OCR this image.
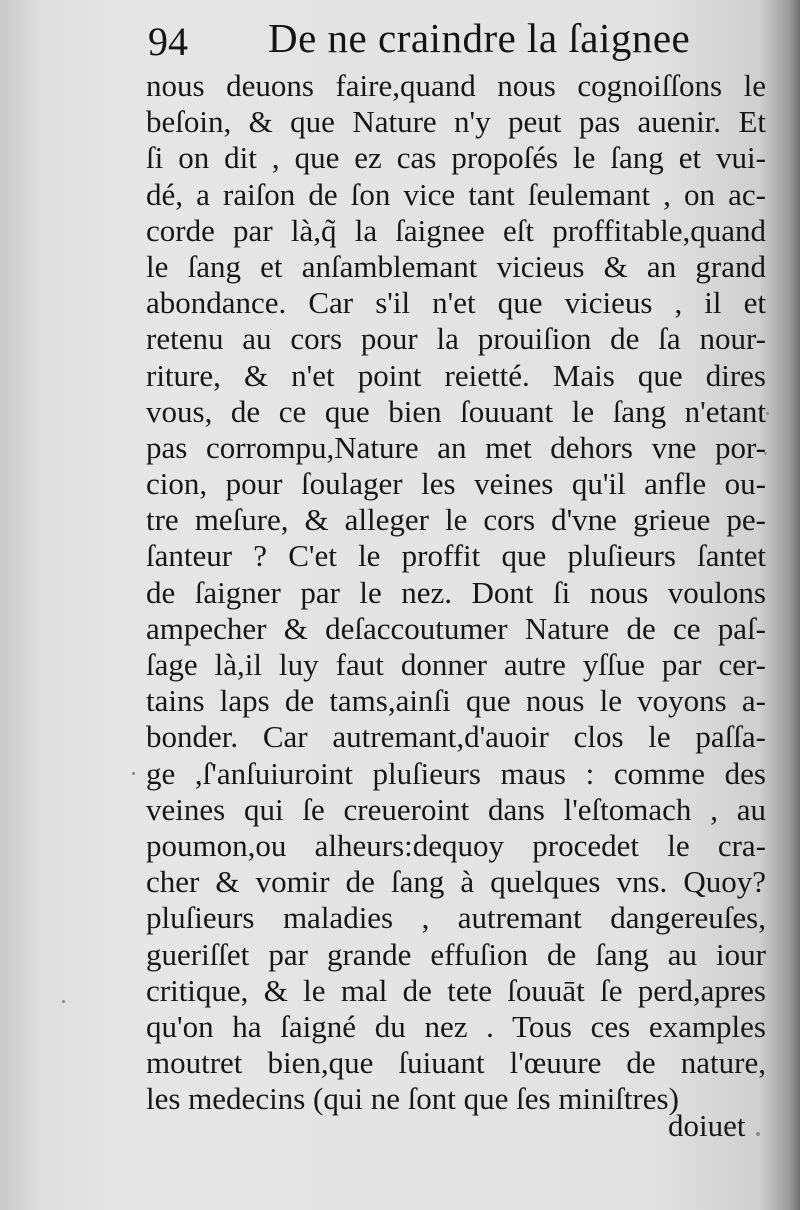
94 De ne craindre la ſaignee
nous deuons faire,quand nous cognoiſſons le
beſoin, & que Nature n'y peut pas auenir. Et
ſi on dit , que ez cas propoſés le ſang et vui-
dé, a raiſon de ſon vice tant ſeulemant , on ac-
corde par là,q̃ la ſaignee eſt proffitable,quand
le ſang et anſamblemant vicieus & an grand
abondance. Car s'il n'et que vicieus , il et
retenu au cors pour la prouiſion de ſa nour-
riture, & n'et point reietté. Mais que dires
vous, de ce que bien ſouuant le ſang n'etant
pas corrompu,Nature an met dehors vne por-
cion, pour ſoulager les veines qu'il anfle ou-
tre meſure, & alleger le cors d'vne grieue pe-
ſanteur ? C'et le proffit que pluſieurs ſantet
de ſaigner par le nez. Dont ſi nous voulons
ampecher & deſaccoutumer Nature de ce paſ-
ſage là,il luy faut donner autre yſſue par cer-
tains laps de tams,ainſi que nous le voyons a-
bonder. Car autremant,d'auoir clos le paſſa-
ge ,ſ'anſuiuroint pluſieurs maus : comme des
veines qui ſe creueroint dans l'eſtomach , au
poumon,ou alheurs:dequoy procedet le cra-
cher & vomir de ſang à quelques vns. Quoy?
pluſieurs maladies , autremant dangereuſes,
gueriſſet par grande effuſion de ſang au iour
critique, & le mal de tete ſouuāt ſe perd,apres
qu'on ha ſaigné du nez . Tous ces examples
moutret bien,que ſuiuant l'œuure de nature,
les medecins (qui ne ſont que ſes miniſtres)
doiuet
